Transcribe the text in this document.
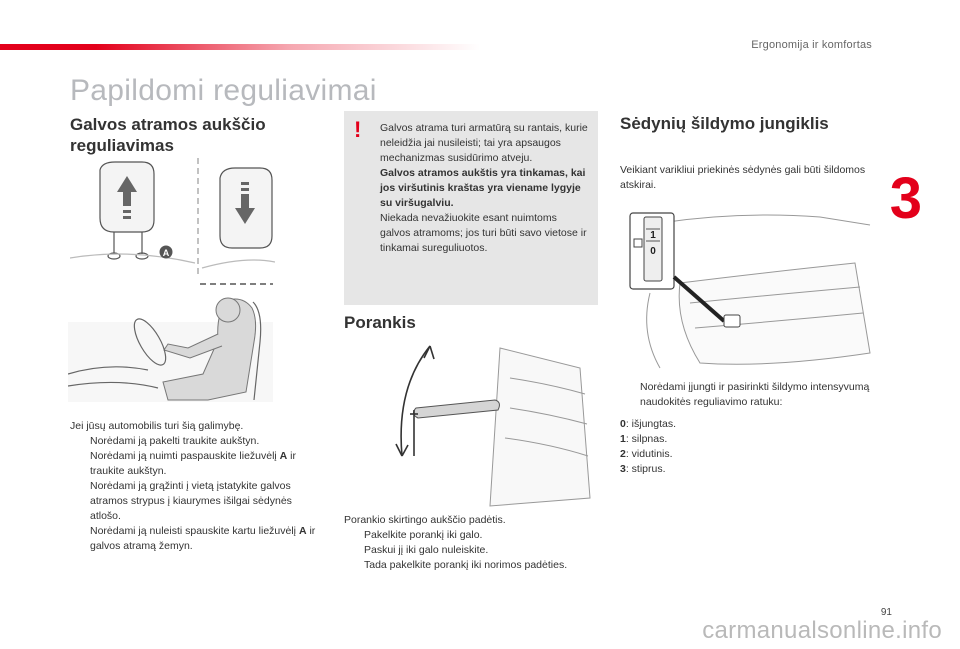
Ergonomija ir komfortas
3
Papildomi reguliavimai
Galvos atramos aukščio reguliavimas
A
Jei jūsų automobilis turi šią galimybę.
Norėdami ją pakelti traukite aukštyn.
Norėdami ją nuimti paspauskite liežuvėlį A ir traukite aukštyn.
Norėdami ją grąžinti į vietą įstatykite galvos atramos strypus į kiaurymes išilgai sėdynės atlošo.
Norėdami ją nuleisti spauskite kartu liežuvėlį A ir galvos atramą žemyn.
! Galvos atrama turi armatūrą su rantais, kurie neleidžia jai nusileisti; tai yra apsaugos mechanizmas susidūrimo atveju.

Galvos atramos aukštis yra tinkamas, kai jos viršutinis kraštas yra viename lygyje su viršugalviu.

Niekada nevažiuokite esant nuimtoms galvos atramoms; jos turi būti savo vietose ir tinkamai sureguliuotos.

Porankis
Porankio skirtingo aukščio padėtis.
Pakelkite porankį iki galo.
Paskui jį iki galo nuleiskite.
Tada pakelkite porankį iki norimos padėties.
Sėdynių šildymo jungiklis
Veikiant varikliui priekinės sėdynės gali būti šildomos atskirai.
1
0
Norėdami įjungti ir pasirinkti šildymo intensyvumą naudokitės reguliavimo ratuku:

0: išjungtas.

1: silpnas.

2: vidutinis.

3: stiprus.

91
carmanualsonline.info
